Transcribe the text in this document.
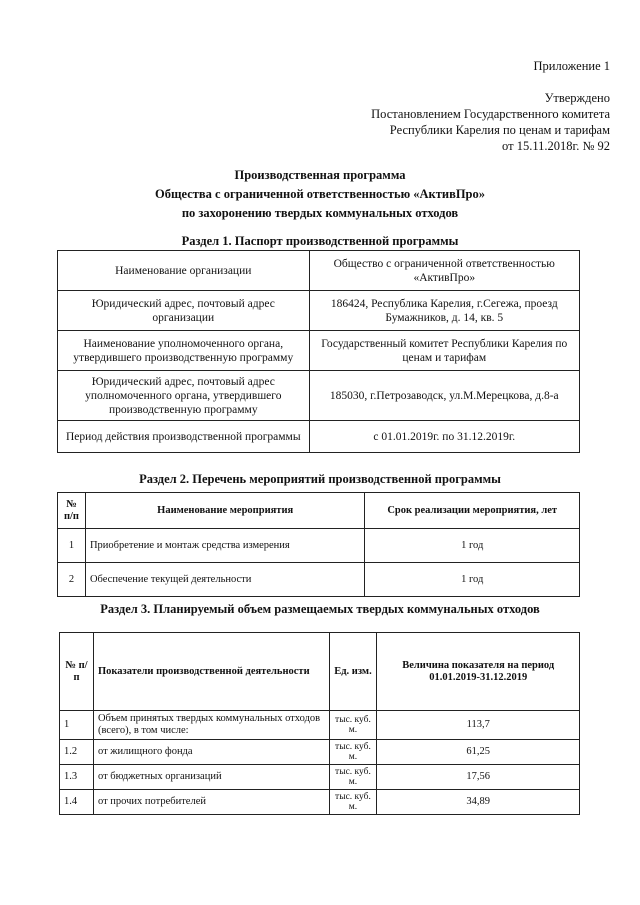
Приложение 1
Утверждено
Постановлением Государственного комитета
Республики Карелия по ценам и тарифам
от 15.11.2018г. № 92
Производственная программа
Общества с ограниченной ответственностью «АктивПро»
по захоронению твердых коммунальных отходов
Раздел 1. Паспорт производственной программы
Наименование организации	Общество с ограниченной ответственностью «АктивПро»
Юридический адрес, почтовый адрес организации	186424, Республика Карелия, г.Сегежа, проезд Бумажников, д. 14, кв. 5
Наименование уполномоченного органа, утвердившего производственную программу	Государственный комитет Республики Карелия по ценам и тарифам
Юридический адрес, почтовый адрес уполномоченного органа, утвердившего производственную программу	185030, г.Петрозаводск, ул.М.Мерецкова, д.8-а
Период действия производственной программы	с 01.01.2019г. по 31.12.2019г.
Раздел 2. Перечень мероприятий производственной программы
№ п/п	Наименование мероприятия	Срок реализации мероприятия, лет
1	Приобретение и монтаж средства измерения	1 год
2	Обеспечение текущей деятельности	1 год
Раздел 3. Планируемый объем размещаемых твердых коммунальных отходов
№ п/п	Показатели производственной деятельности	Ед. изм.	Величина показателя на период 01.01.2019-31.12.2019
1	Объем принятых твердых коммунальных отходов (всего), в том числе:	тыс. куб. м.	113,7
1.2	от жилищного фонда	тыс. куб. м.	61,25
1.3	от бюджетных организаций	тыс. куб. м.	17,56
1.4	от прочих потребителей	тыс. куб. м.	34,89
